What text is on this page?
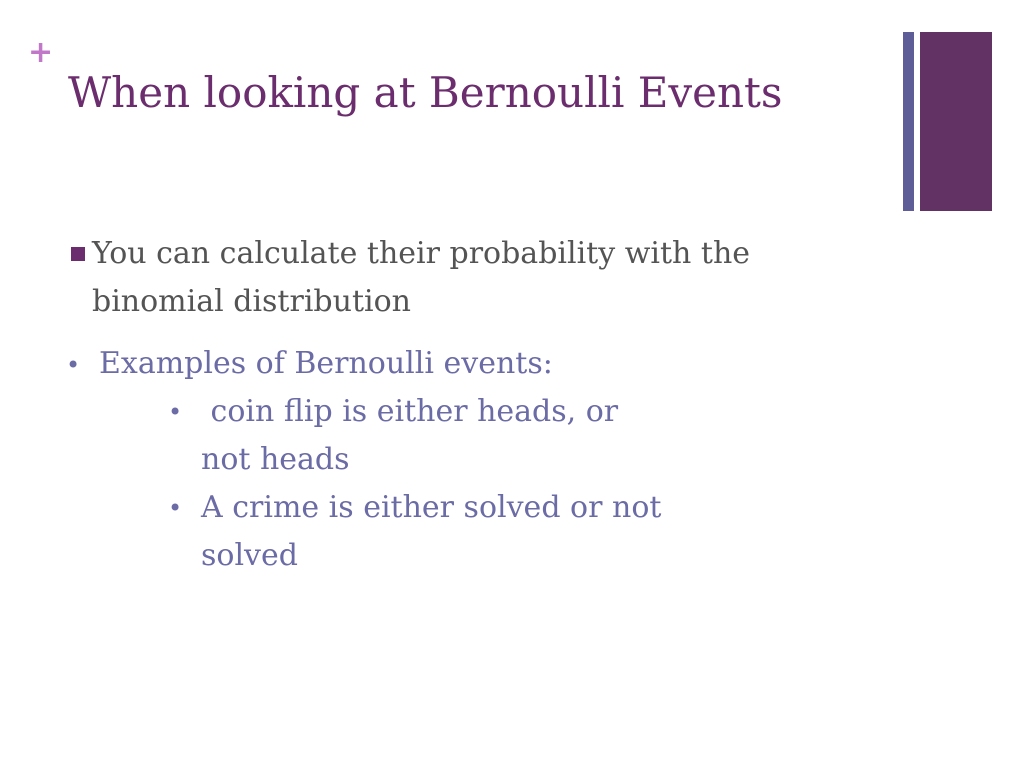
+
When looking at Bernoulli Events
You can calculate their probability with the
binomial distribution
• Examples of Bernoulli events:
• coin flip is either heads, or
not heads
• A crime is either solved or not
solved
